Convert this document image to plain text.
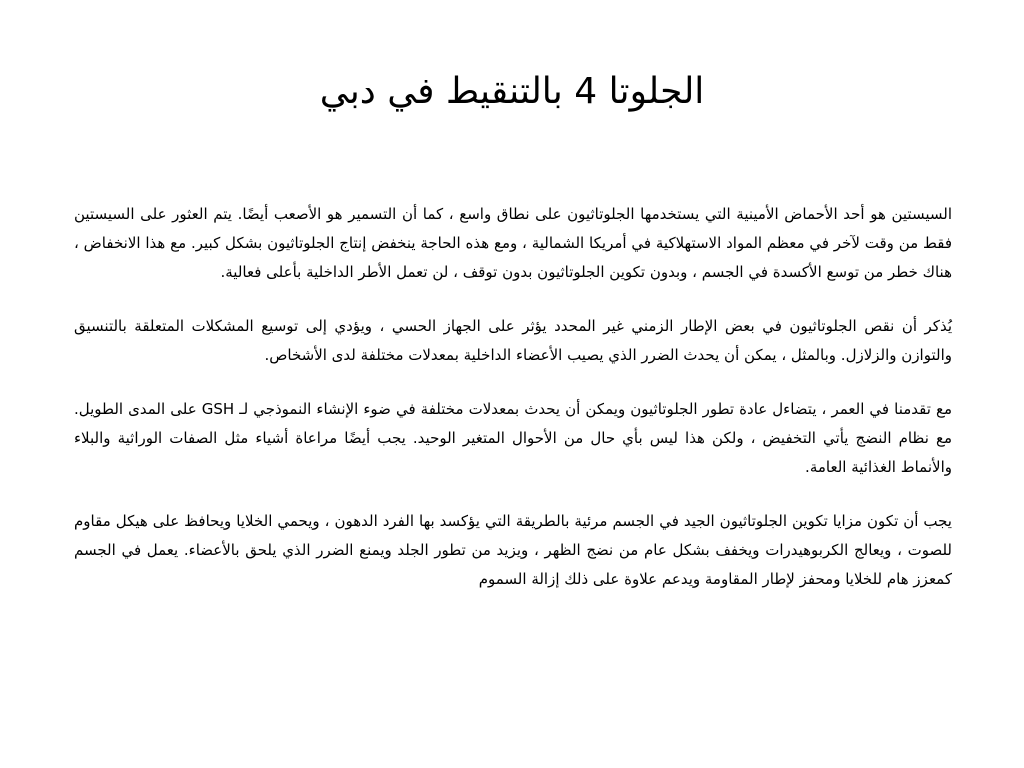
الجلوتا 4 بالتنقيط في دبي

السيستين هو أحد الأحماض الأمينية التي يستخدمها الجلوتاثيون على نطاق واسع ، كما أن التسمير هو الأصعب أيضًا. يتم العثور على السيستين فقط من وقت لآخر في معظم المواد الاستهلاكية في أمريكا الشمالية ، ومع هذه الحاجة ينخفض إنتاج الجلوتاثيون بشكل كبير. مع هذا الانخفاض ، هناك خطر من توسع الأكسدة في الجسم ، وبدون تكوين الجلوتاثيون بدون توقف ، لن تعمل الأطر الداخلية بأعلى فعالية.

يُذكر أن نقص الجلوتاثيون في بعض الإطار الزمني غير المحدد يؤثر على الجهاز الحسي ، ويؤدي إلى توسيع المشكلات المتعلقة بالتنسيق والتوازن والزلازل. وبالمثل ، يمكن أن يحدث الضرر الذي يصيب الأعضاء الداخلية بمعدلات مختلفة لدى الأشخاص.

مع تقدمنا في العمر ، يتضاءل عادة تطور الجلوتاثيون ويمكن أن يحدث بمعدلات مختلفة في ضوء الإنشاء النموذجي لـ GSH على المدى الطويل. مع نظام النضج يأتي التخفيض ، ولكن هذا ليس بأي حال من الأحوال المتغير الوحيد. يجب أيضًا مراعاة أشياء مثل الصفات الوراثية والبلاء والأنماط الغذائية العامة.

يجب أن تكون مزايا تكوين الجلوتاثيون الجيد في الجسم مرئية بالطريقة التي يؤكسد بها الفرد الدهون ، ويحمي الخلايا ويحافظ على هيكل مقاوم للصوت ، ويعالج الكربوهيدرات ويخفف بشكل عام من نضج الظهر ، ويزيد من تطور الجلد ويمنع الضرر الذي يلحق بالأعضاء. يعمل في الجسم كمعزز هام للخلايا ومحفز لإطار المقاومة ويدعم علاوة على ذلك إزالة السموم
